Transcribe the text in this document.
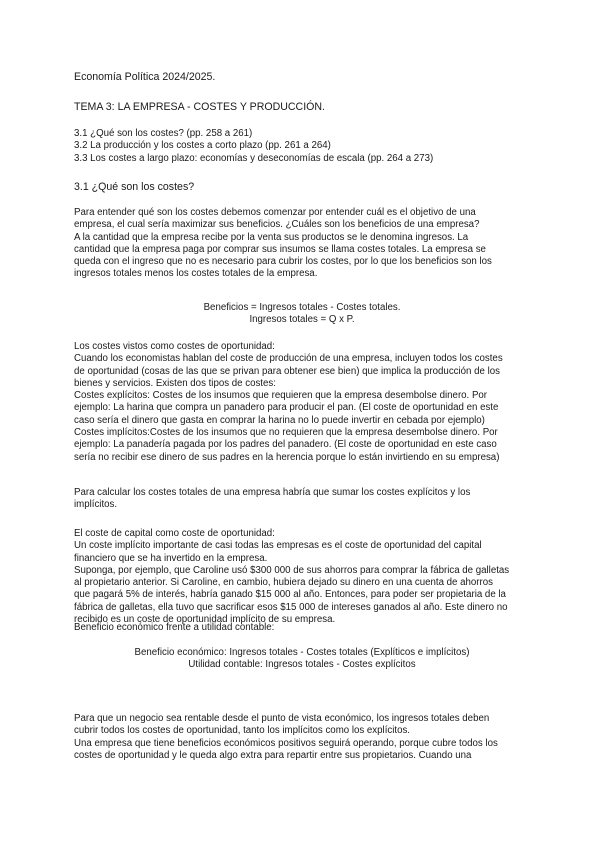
Economía Política 2024/2025.

TEMA 3: LA EMPRESA - COSTES Y PRODUCCIÓN.

3.1 ¿Qué son los costes? (pp. 258 a 261)

3.2 La producción y los costes a corto plazo (pp. 261 a 264)

3.3 Los costes a largo plazo: economías y deseconomías de escala (pp. 264 a 273)

3.1 ¿Qué son los costes?

Para entender qué son los costes debemos comenzar por entender cuál es el objetivo de una

empresa, el cual sería maximizar sus beneficios. ¿Cuáles son los beneficios de una empresa?

A la cantidad que la empresa recibe por la venta sus productos se le denomina ingresos. La

cantidad que la empresa paga por comprar sus insumos se llama costes totales. La empresa se

queda con el ingreso que no es necesario para cubrir los costes, por lo que los beneficios son los

ingresos totales menos los costes totales de la empresa.

Beneficios = Ingresos totales - Costes totales.

Ingresos totales = Q x P.

Los costes vistos como costes de oportunidad:

Cuando los economistas hablan del coste de producción de una empresa, incluyen todos los costes

de oportunidad (cosas de las que se privan para obtener ese bien) que implica la producción de los

bienes y servicios. Existen dos tipos de costes:

Costes explícitos: Costes de los insumos que requieren que la empresa desembolse dinero. Por

ejemplo: La harina que compra un panadero para producir el pan. (El coste de oportunidad en este

caso sería el dinero que gasta en comprar la harina no lo puede invertir en cebada por ejemplo)

Costes implícitos:Costes de los insumos que no requieren que la empresa desembolse dinero. Por

ejemplo: La panadería pagada por los padres del panadero. (El coste de oportunidad en este caso

sería no recibir ese dinero de sus padres en la herencia porque lo están invirtiendo en su empresa)

Para calcular los costes totales de una empresa habría que sumar los costes explícitos y los

implícitos.

El coste de capital como coste de oportunidad:

Un coste implícito importante de casi todas las empresas es el coste de oportunidad del capital

financiero que se ha invertido en la empresa.

Suponga, por ejemplo, que Caroline usó $300 000 de sus ahorros para comprar la fábrica de galletas

al propietario anterior. Si Caroline, en cambio, hubiera dejado su dinero en una cuenta de ahorros

que pagará 5% de interés, habría ganado $15 000 al año. Entonces, para poder ser propietaria de la

fábrica de galletas, ella tuvo que sacrificar esos $15 000 de intereses ganados al año. Este dinero no

recibido es un coste de oportunidad implícito de su empresa.

Beneficio económico frente a utilidad contable:

Beneficio económico: Ingresos totales - Costes totales (Explíticos e implícitos)

Utilidad contable: Ingresos totales - Costes explícitos

Para que un negocio sea rentable desde el punto de vista económico, los ingresos totales deben

cubrir todos los costes de oportunidad, tanto los implícitos como los explícitos.

Una empresa que tiene beneficios económicos positivos seguirá operando, porque cubre todos los

costes de oportunidad y le queda algo extra para repartir entre sus propietarios. Cuando una
